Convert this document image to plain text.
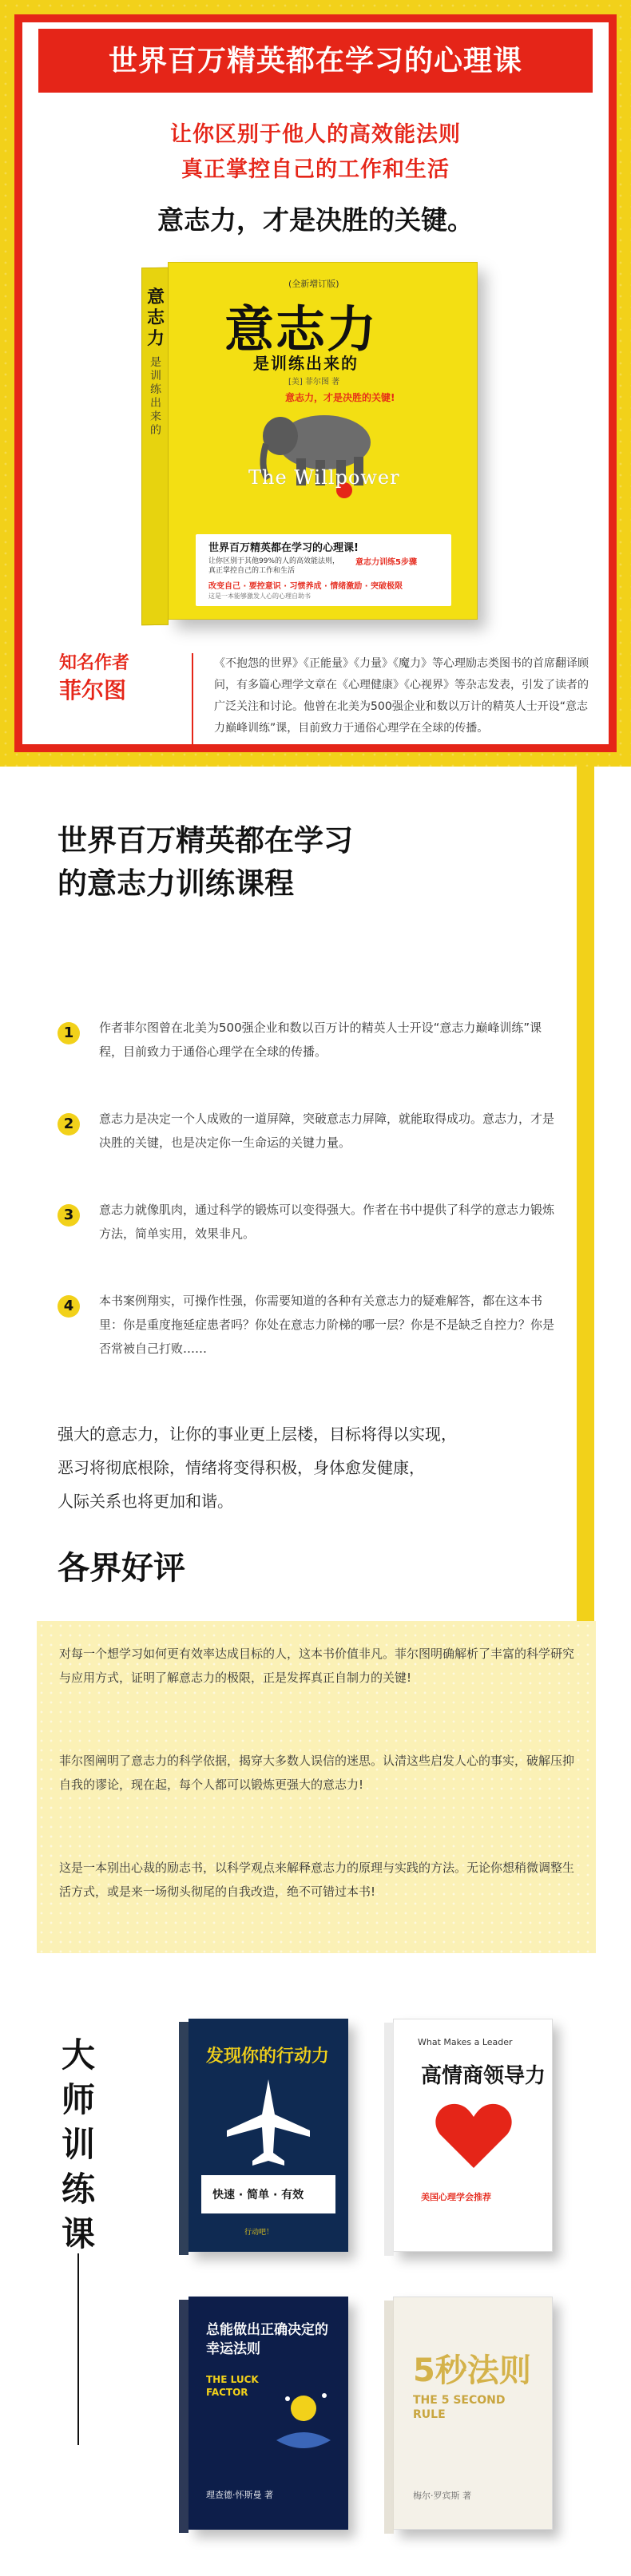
世界百万精英都在学习的心理课
让你区别于他人的高效能法则
真正掌控自己的工作和生活
意志力，才是决胜的关键。
意志力
是训练出来的
(全新增订版)
意志力
是训练出来的
[美] 菲尔图 著
意志力，才是决胜的关键!
The Willpower
世界百万精英都在学习的心理课!
让你区别于其他99%的人的高效能法则，
真正掌控自己的工作和生活
意志力训练5步骤
改变自己 · 要控意识 · 习惯养成 · 情绪激励 · 突破极限
这是一本能够激发人心的心理自助书
知名作者
菲尔图
《不抱怨的世界》《正能量》《力量》《魔力》等心理励志类图书的首席翻译顾问，有多篇心理学文章在《心理健康》《心视界》等杂志发表，引发了读者的广泛关注和讨论。他曾在北美为500强企业和数以万计的精英人士开设“意志力巅峰训练”课，目前致力于通俗心理学在全球的传播。
世界百万精英都在学习
的意志力训练课程
1	作者菲尔图曾在北美为500强企业和数以百万计的精英人士开设“意志力巅峰训练”课程，目前致力于通俗心理学在全球的传播。
2	意志力是决定一个人成败的一道屏障，突破意志力屏障，就能取得成功。意志力，才是决胜的关键，也是决定你一生命运的关键力量。
3	意志力就像肌肉，通过科学的锻炼可以变得强大。作者在书中提供了科学的意志力锻炼方法，简单实用，效果非凡。
4	本书案例翔实，可操作性强，你需要知道的各种有关意志力的疑难解答，都在这本书里：你是重度拖延症患者吗？你处在意志力阶梯的哪一层？你是不是缺乏自控力？你是否常被自己打败……
强大的意志力，让你的事业更上层楼，目标将得以实现，
恶习将彻底根除，情绪将变得积极，身体愈发健康，
人际关系也将更加和谐。
各界好评
对每一个想学习如何更有效率达成目标的人，这本书价值非凡。菲尔图明确解析了丰富的科学研究与应用方式，证明了解意志力的极限，正是发挥真正自制力的关键!
菲尔图阐明了意志力的科学依据，揭穿大多数人误信的迷思。认清这些启发人心的事实，破解压抑自我的谬论，现在起，每个人都可以锻炼更强大的意志力!
这是一本别出心裁的励志书，以科学观点来解释意志力的原理与实践的方法。无论你想稍微调整生活方式，或是来一场彻头彻尾的自我改造，绝不可错过本书!
大师训练课
发现你的行动力
快速 · 简单 · 有效
行动吧！
What Makes a Leader
高情商领导力
美国心理学会推荐
总能做出正确决定的幸运法则
THE LUCK FACTOR
理查德·怀斯曼 著
5秒法则
THE 5 SECOND RULE
梅尔·罗宾斯 著
